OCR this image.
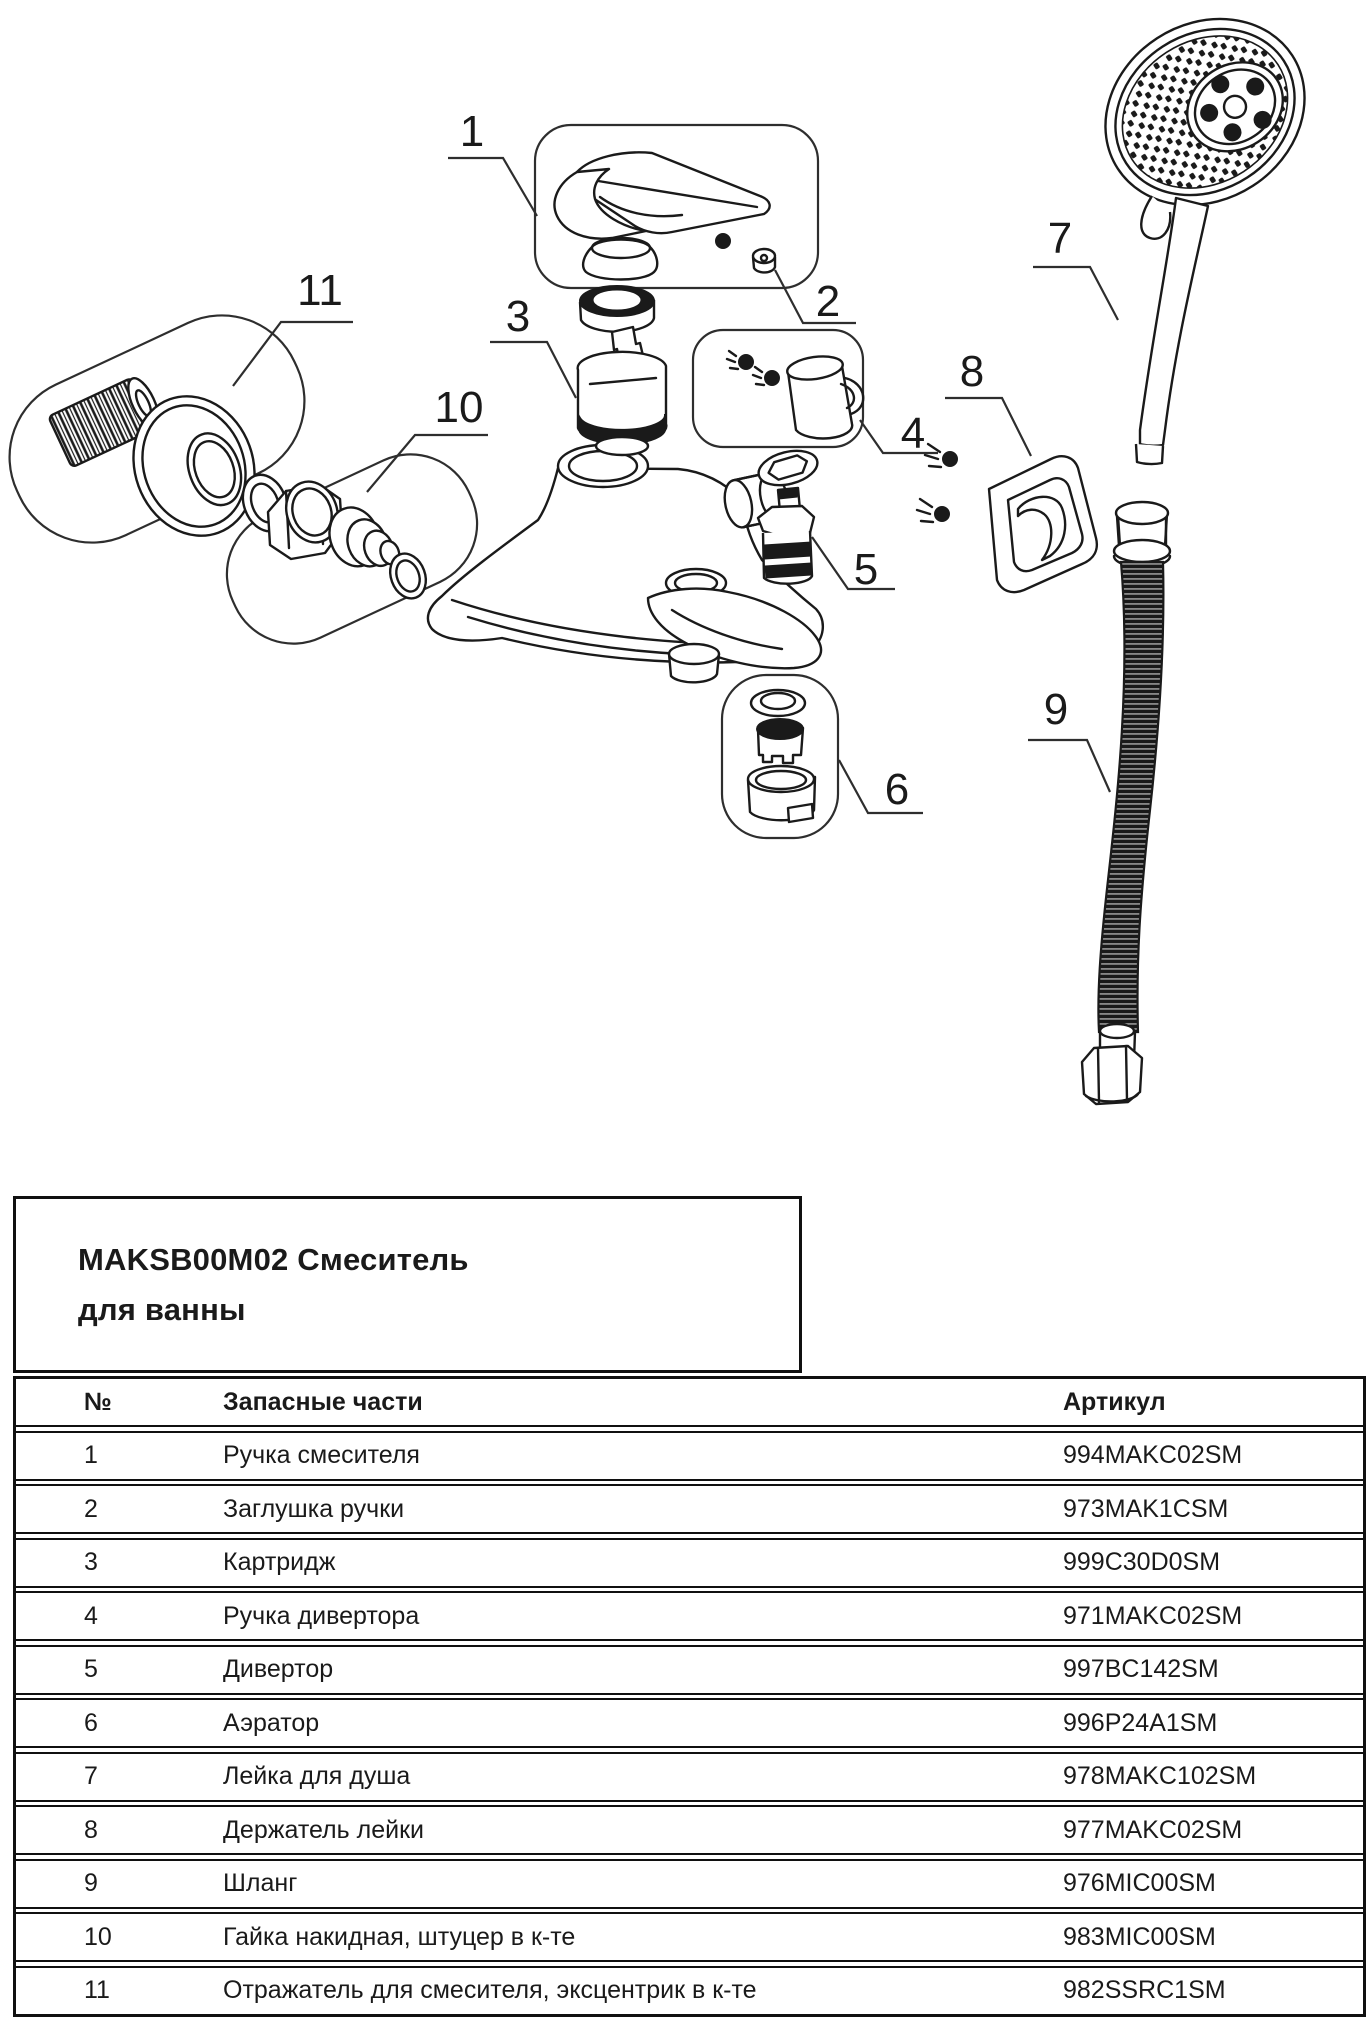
1
2
3
4
5
6
7
8
9
10
11
MAKSB00M02 Смеситель
для ванны
№	Запасные части	Артикул
1	Ручка смесителя	994MAKC02SM
2	Заглушка ручки	973MAK1CSM
3	Картридж	999C30D0SM
4	Ручка дивертора	971MAKC02SM
5	Дивертор	997BC142SM
6	Аэратор	996P24A1SM
7	Лейка для душа	978MAKC102SM
8	Держатель лейки	977MAKC02SM
9	Шланг	976MIC00SM
10	Гайка накидная, штуцер в к-те	983MIC00SM
11	Отражатель для смесителя, эксцентрик в к-те	982SSRC1SM
